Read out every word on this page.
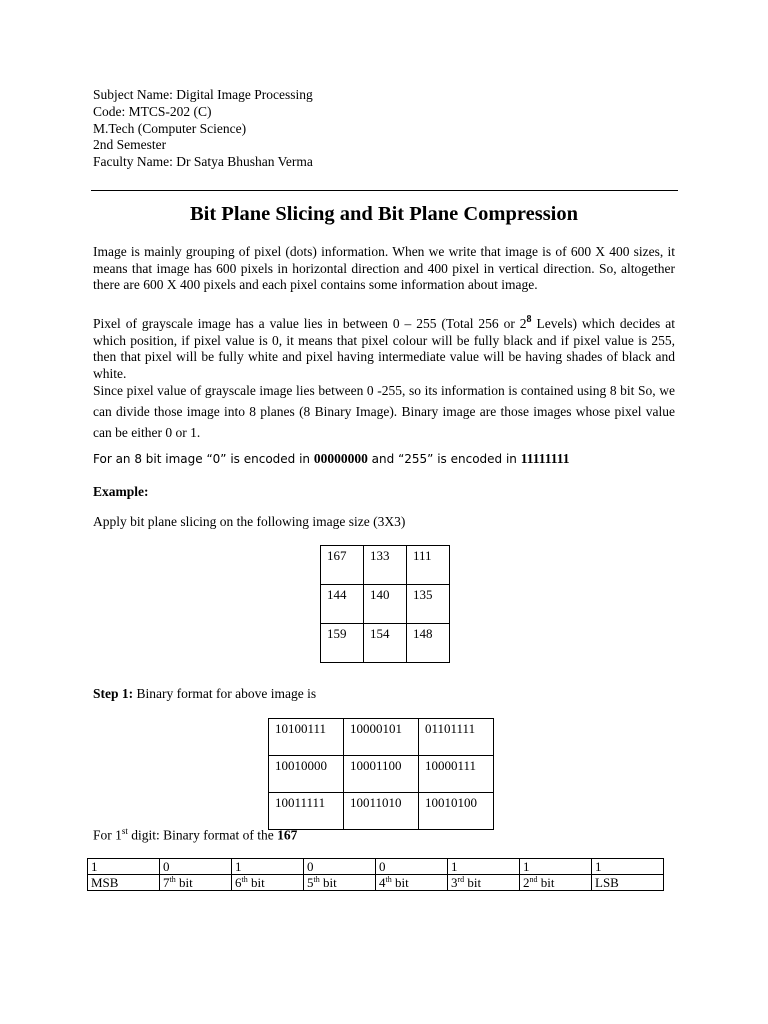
Subject Name: Digital Image Processing
Code: MTCS-202 (C)
M.Tech (Computer Science)
2nd Semester
Faculty Name: Dr Satya Bhushan Verma
Bit Plane Slicing and Bit Plane Compression
Image is mainly grouping of pixel (dots) information. When we write that image is of 600 X 400 sizes, it means that image has 600 pixels in horizontal direction and 400 pixel in vertical direction. So, altogether there are 600 X 400 pixels and each pixel contains some information about image.
Pixel of grayscale image has a value lies in between 0 – 255 (Total 256 or $2^8$ Levels) which decides at which position, if pixel value is 0, it means that pixel colour will be fully black and if pixel value is 255, then that pixel will be fully white and pixel having intermediate value will be having shades of black and white.
Since pixel value of grayscale image lies between 0 -255, so its information is contained using 8 bit So, we can divide those image into 8 planes (8 Binary Image). Binary image are those images whose pixel value can be either 0 or 1.
For an 8 bit image “0” is encoded in 00000000 and “255” is encoded in 11111111
Example:
Apply bit plane slicing on the following image size (3X3)
167	133	111
144	140	135
159	154	148
Step 1: Binary format for above image is
10100111	10000101	01101111
10010000	10001100	10000111
10011111	10011010	10010100
For 1st digit: Binary format of the 167
1	0	1	0	0	1	1	1
MSB	7th bit	6th bit	5th bit	4th bit	3rd bit	2nd bit	LSB
